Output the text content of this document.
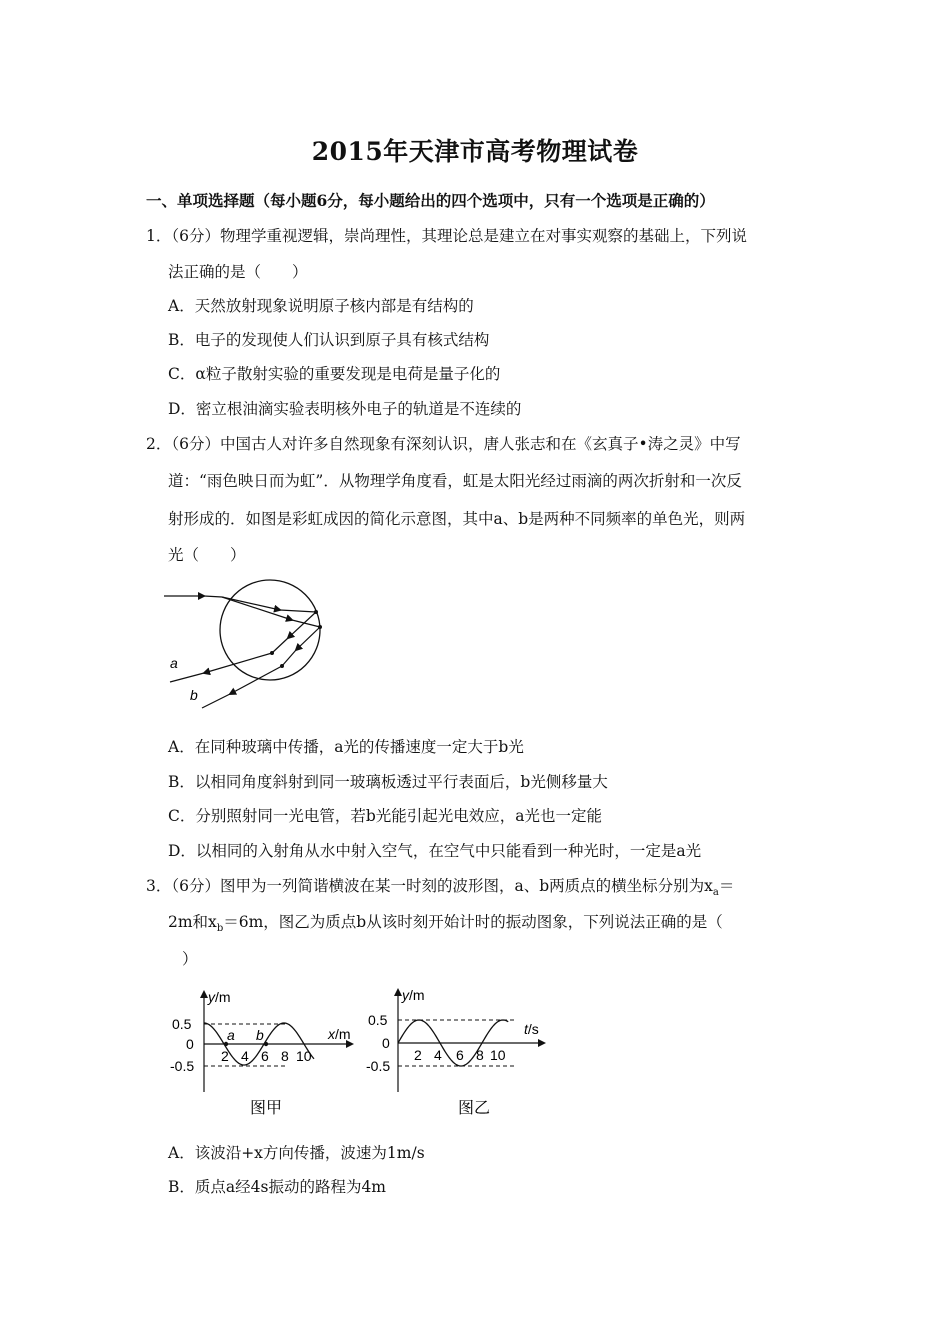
2015年天津市高考物理试卷
一、单项选择题（每小题6分，每小题给出的四个选项中，只有一个选项是正确的）
1．（6分）物理学重视逻辑，崇尚理性，其理论总是建立在对事实观察的基础上，下列说
法正确的是（　　）
A．天然放射现象说明原子核内部是有结构的
B．电子的发现使人们认识到原子具有核式结构
C．α粒子散射实验的重要发现是电荷是量子化的
D．密立根油滴实验表明核外电子的轨道是不连续的
2．（6分）中国古人对许多自然现象有深刻认识，唐人张志和在《玄真子•涛之灵》中写
道：“雨色映日而为虹”．从物理学角度看，虹是太阳光经过雨滴的两次折射和一次反
射形成的．如图是彩虹成因的简化示意图，其中a、b是两种不同频率的单色光，则两
光（　　）
a
b
A．在同种玻璃中传播，a光的传播速度一定大于b光
B．以相同角度斜射到同一玻璃板透过平行表面后，b光侧移量大
C．分别照射同一光电管，若b光能引起光电效应，a光也一定能
D．以相同的入射角从水中射入空气，在空气中只能看到一种光时，一定是a光
3．（6分）图甲为一列简谐横波在某一时刻的波形图，a、b两质点的横坐标分别为$x_a=$
2m和$x_b=6m$，图乙为质点b从该时刻开始计时的振动图象，下列说法正确的是（
）
y/m
x/m
0.5
0
-0.5
2 4 6 8 10
a b
图甲
y/m
t/s
0.5
0
-0.5
2 4 6 8 10
图乙
A．该波沿+x方向传播，波速为1m/s
B．质点a经4s振动的路程为4m
